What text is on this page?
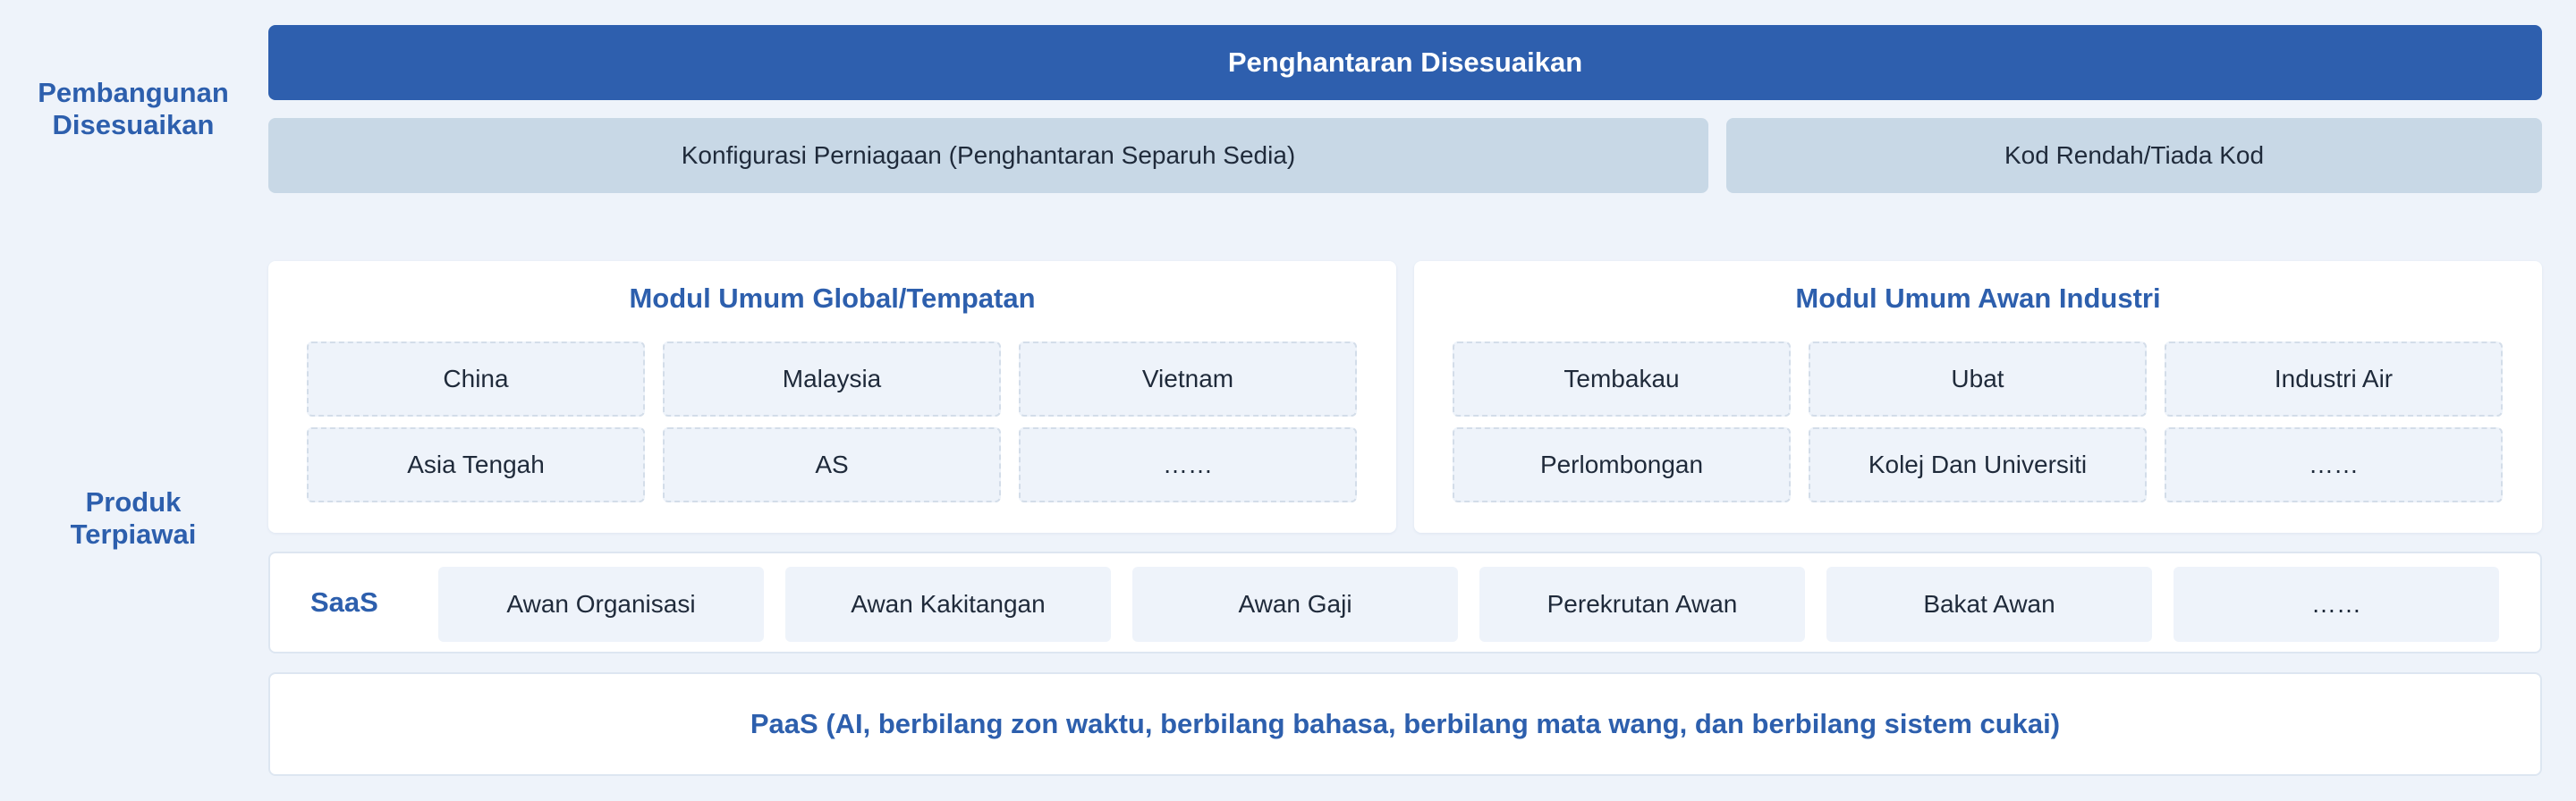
Pembangunan
Disesuaikan
Produk
Terpiawai
Penghantaran Disesuaikan
Konfigurasi Perniagaan (Penghantaran Separuh Sedia)	Kod Rendah/Tiada Kod
Modul Umum Global/Tempatan
China	Malaysia	Vietnam
Asia Tengah	AS	……
Modul Umum Awan Industri
Tembakau	Ubat	Industri Air
Perlombongan	Kolej Dan Universiti	……
SaaS	Awan Organisasi	Awan Kakitangan	Awan Gaji	Perekrutan Awan	Bakat Awan	……
PaaS (AI, berbilang zon waktu, berbilang bahasa, berbilang mata wang, dan berbilang sistem cukai)
